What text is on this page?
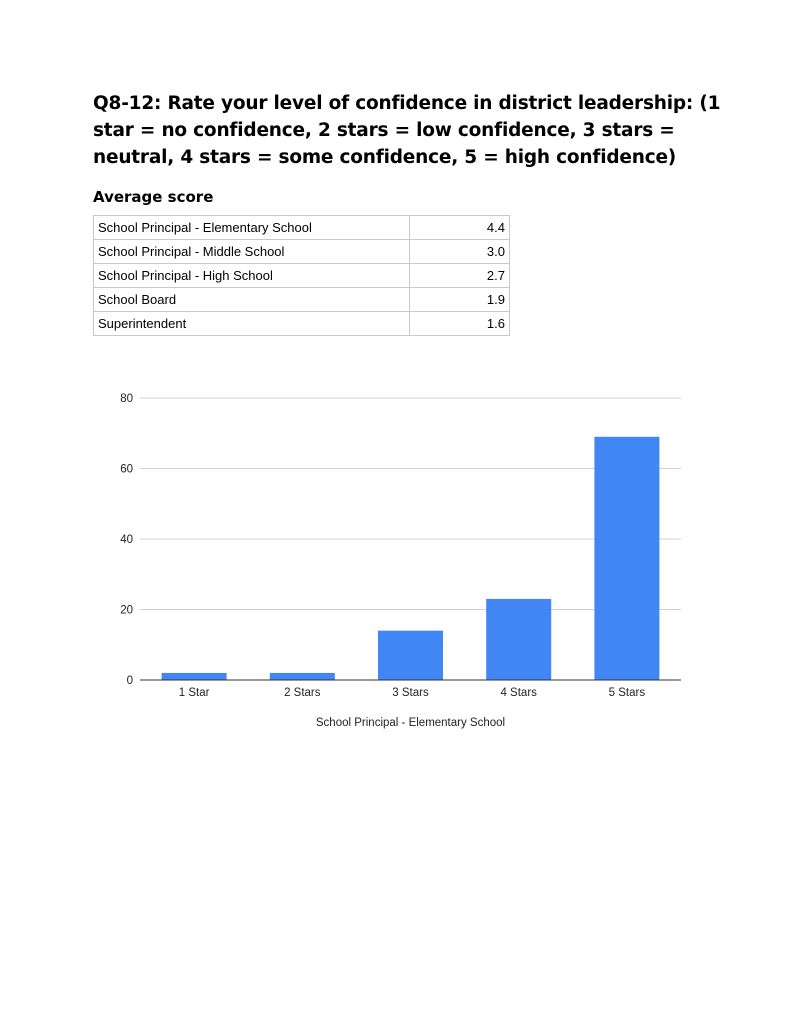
Q8-12: Rate your level of confidence in district leadership: (1 star = no confidence, 2 stars = low confidence, 3 stars = neutral, 4 stars = some confidence, 5 = high confidence)
Average score
School Principal - Elementary School	4.4
School Principal - Middle School	3.0
School Principal - High School	2.7
School Board	1.9
Superintendent	1.6
0
20
40
60
80
1 Star	2 Stars	3 Stars	4 Stars	5 Stars
School Principal - Elementary School
